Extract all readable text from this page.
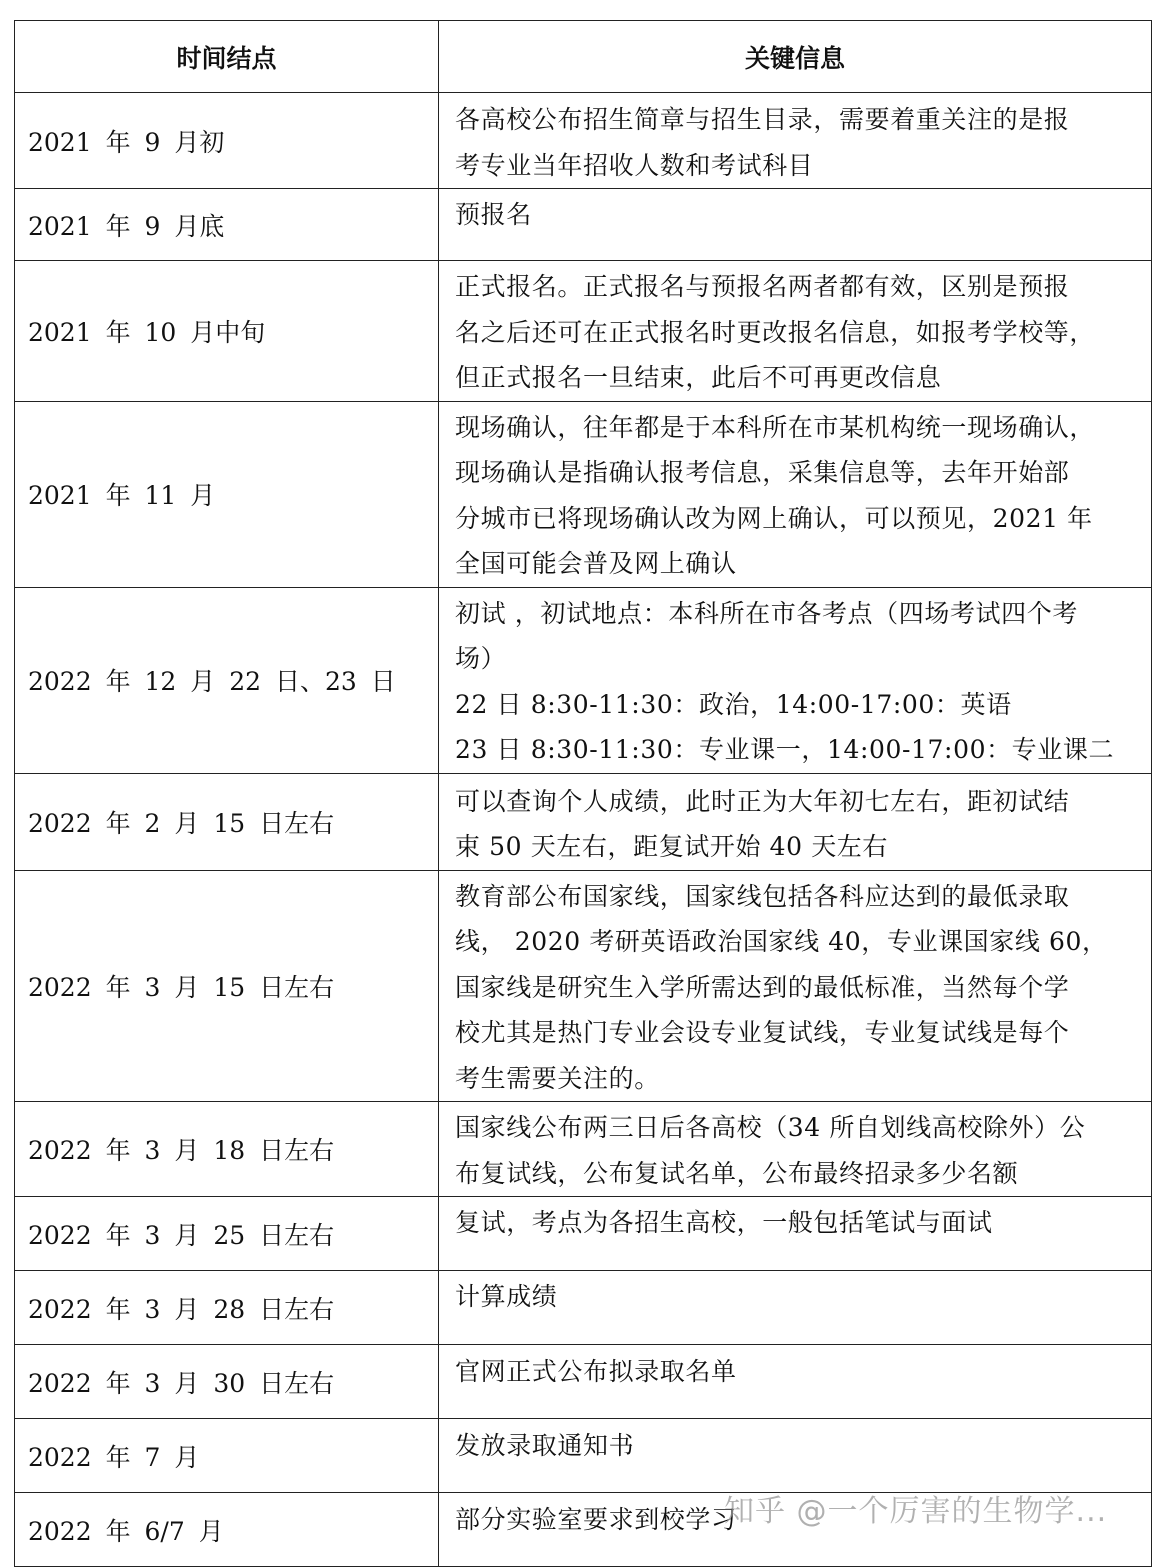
时间结点	关键信息
2021 年 9 月初	各高校公布招生简章与招生目录，需要着重关注的是报
考专业当年招收人数和考试科目

2021 年 9 月底	预报名

2021 年 10 月中旬	正式报名。正式报名与预报名两者都有效，区别是预报
名之后还可在正式报名时更改报名信息，如报考学校等，
但正式报名一旦结束，此后不可再更改信息

2021 年 11 月	现场确认，往年都是于本科所在市某机构统一现场确认，
现场确认是指确认报考信息，采集信息等，去年开始部
分城市已将现场确认改为网上确认，可以预见，2021 年
全国可能会普及网上确认

2022 年 12 月 22 日、23 日	初试 ，初试地点：本科所在市各考点（四场考试四个考
场）
22 日 8:30-11:30：政治，14:00-17:00：英语
23 日 8:30-11:30：专业课一，14:00-17:00：专业课二

2022 年 2 月 15 日左右	可以查询个人成绩，此时正为大年初七左右，距初试结
束 50 天左右，距复试开始 40 天左右

2022 年 3 月 15 日左右	教育部公布国家线，国家线包括各科应达到的最低录取
线， 2020 考研英语政治国家线 40，专业课国家线 60，
国家线是研究生入学所需达到的最低标准，当然每个学
校尤其是热门专业会设专业复试线，专业复试线是每个
考生需要关注的。

2022 年 3 月 18 日左右	国家线公布两三日后各高校（34 所自划线高校除外）公
布复试线，公布复试名单，公布最终招录多少名额

2022 年 3 月 25 日左右	复试，考点为各招生高校，一般包括笔试与面试

2022 年 3 月 28 日左右	计算成绩

2022 年 3 月 30 日左右	官网正式公布拟录取名单

2022 年 7 月	发放录取通知书

2022 年 6/7 月	部分实验室要求到校学习
知乎 @一个厉害的生物学...
